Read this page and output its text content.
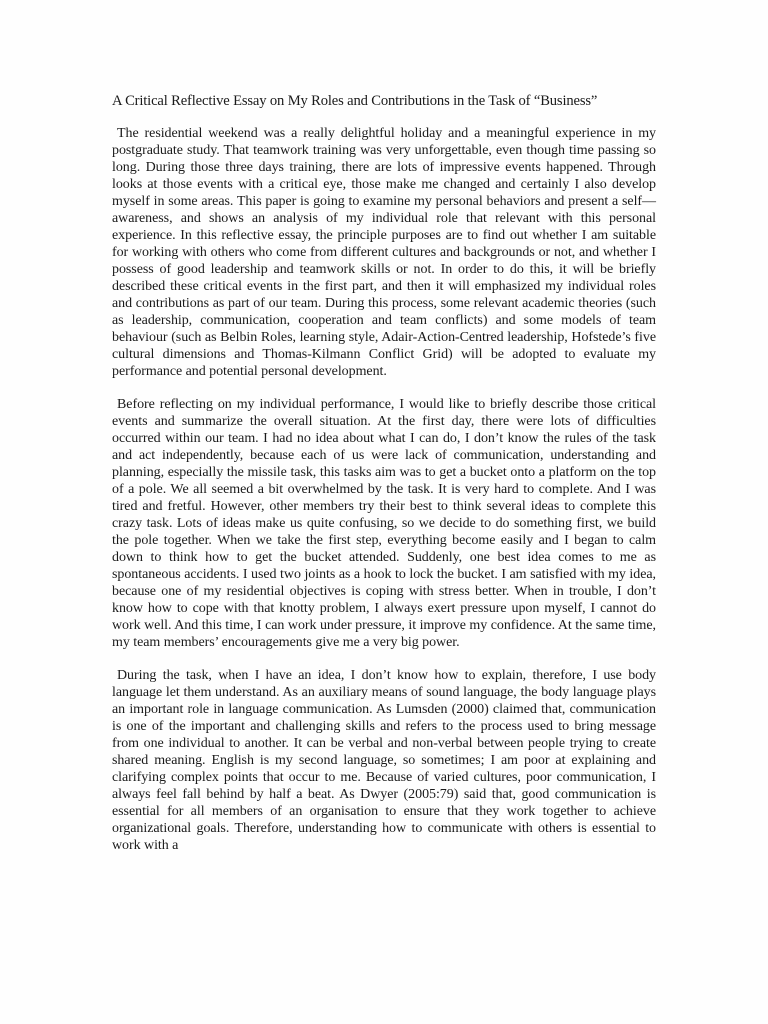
A Critical Reflective Essay on My Roles and Contributions in the Task of “Business”

The residential weekend was a really delightful holiday and a meaningful experience in my postgraduate study. That teamwork training was very unforgettable, even though time passing so long. During those three days training, there are lots of impressive events happened. Through looks at those events with a critical eye, those make me changed and certainly I also develop myself in some areas. This paper is going to examine my personal behaviors and present a self—awareness, and shows an analysis of my individual role that relevant with this personal experience. In this reflective essay, the principle purposes are to find out whether I am suitable for working with others who come from different cultures and backgrounds or not, and whether I possess of good leadership and teamwork skills or not. In order to do this, it will be briefly described these critical events in the first part, and then it will emphasized my individual roles and contributions as part of our team. During this process, some relevant academic theories (such as leadership, communication, cooperation and team conflicts) and some models of team behaviour (such as Belbin Roles, learning style, Adair-Action-Centred leadership, Hofstede’s five cultural dimensions and Thomas-Kilmann Conflict Grid) will be adopted to evaluate my performance and potential personal development.

Before reflecting on my individual performance, I would like to briefly describe those critical events and summarize the overall situation. At the first day, there were lots of difficulties occurred within our team. I had no idea about what I can do, I don’t know the rules of the task and act independently, because each of us were lack of communication, understanding and planning, especially the missile task, this tasks aim was to get a bucket onto a platform on the top of a pole. We all seemed a bit overwhelmed by the task. It is very hard to complete. And I was tired and fretful. However, other members try their best to think several ideas to complete this crazy task. Lots of ideas make us quite confusing, so we decide to do something first, we build the pole together. When we take the first step, everything become easily and I began to calm down to think how to get the bucket attended. Suddenly, one best idea comes to me as spontaneous accidents. I used two joints as a hook to lock the bucket. I am satisfied with my idea, because one of my residential objectives is coping with stress better. When in trouble, I don’t know how to cope with that knotty problem, I always exert pressure upon myself, I cannot do work well. And this time, I can work under pressure, it improve my confidence. At the same time, my team members’ encouragements give me a very big power.

During the task, when I have an idea, I don’t know how to explain, therefore, I use body language let them understand. As an auxiliary means of sound language, the body language plays an important role in language communication. As Lumsden (2000) claimed that, communication is one of the important and challenging skills and refers to the process used to bring message from one individual to another. It can be verbal and non-verbal between people trying to create shared meaning. English is my second language, so sometimes; I am poor at explaining and clarifying complex points that occur to me. Because of varied cultures, poor communication, I always feel fall behind by half a beat. As Dwyer (2005:79) said that, good communication is essential for all members of an organisation to ensure that they work together to achieve organizational goals. Therefore, understanding how to communicate with others is essential to work with a
